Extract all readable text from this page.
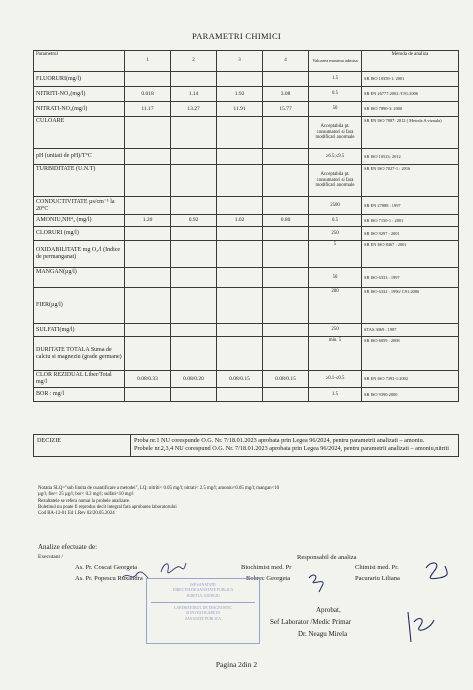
PARAMETRI CHIMICI
Parametrul	1	2	3	4	Valoarea maxima admisa	Metoda de analiza
FLUORURI(mg/l)					1.5	SR ISO 10359-1: 2001
NITRITI-NO₂(mg/l)	0.018	1.14	1.92	3.08	0.5	SR EN 26777:2002 /C91:2006
NITRATI-NO₃(mg/l)	11.17	13.27	11.91	15.77	50	SR ISO 7890-3: 2000
CULOARE					Acceptabila pt. consumatori si fara modificari anormale	SR EN ISO 7887: 2012 ( Metoda A vizuala)
pH (unitati de pH)/T°C					≥6.5;≤9.5	SR ISO 10523: 2012
TURBIDITATE (U.N.T)					Acceptabila pt. consumatori si fara modificari anormale	SR EN ISO 7027-1 : 2016
CONDUCTIVITATE µs/cm⁻¹ la 20°C					2500	SR EN 27888 : 1997
AMONIU,NH⁴₄ (mg/l)	1.20	0.92	1.02	0.80	0.5	SR ISO 7150-1 : 2001
CLORURI (mg/l)					250	SR ISO 9297 : 2001
OXIDABILITATE mg O₂/l (Indice de permanganat)					5	SR EN ISO 8467 : 2001
MANGAN(µg/l)					50	SR ISO 6333 : 1997
FIER(µg/l)					200	SR ISO 6332 : 1996/ C91:2006
SULFATI(mg/l)					250	STAS 3069 : 1987
DURITATE TOTALA Suma de calciu si magneziu (grade germane)					min. 5	SR ISO 6059 : 2008
CLOR REZIDUAL Liber/Total mg/l	0.08/0.33	0.08/0.20	0.08/0.15	0.08/0.15	≥0.1-≤0.5	SR EN ISO 7393-1:2002
BOR : mg/l					1.5	SR ISO 9390:2000
DECIZIE	Proba nr.1 NU corespunde O.G. Nr. 7/18.01.2023 aprobata prin Legea 96/2024, pentru parametrii analizati – amoniu.
Probele nr.2,3,4 NU corespund O.G. Nr. 7/18.01.2023 aprobata prin Legea 96/2024, pentru parametrii analizati – amoniu,nitriti
Notatia SLQ="sub limita de cuantificare a metodei", LQ: nitriti< 0.05 mg/l; nitrati< 2.5 mg/l; amoniu<0.05 mg/l; mangan<10
µg/l; fier< 25 µg/l; bor< 0.2 mg/l; sulfati<10 mg/l
Rezultatele se refera numai la probele analizate.
Buletinul nu poate fi reprodus decit integral fara aprobarea laboratorului
Cod BA-12-01 Ed 1.Rev 02/20.05.2024
Analize efectuate de:
Executant /	Responsabil de analiza
As. Pr. Coscai Georgeta
As. Pr. Popescu Ruxandra
Biochimist med. Pr
Bobrec Georgeta
Chimist med. Pr.
Pacurariu Liliana
ISP SANATATII
DIRECTIA DE SANATATE PUBLICA
JUDETUL GIURGIU
LABORATORUL DE DIAGNOSTIC
SI INVESTIGARE IN
SANATATE PUBLICA
Aprobat,
Sef Laborator /Medic Primar
Dr. Neagu Mirela
Pagina 2din 2
